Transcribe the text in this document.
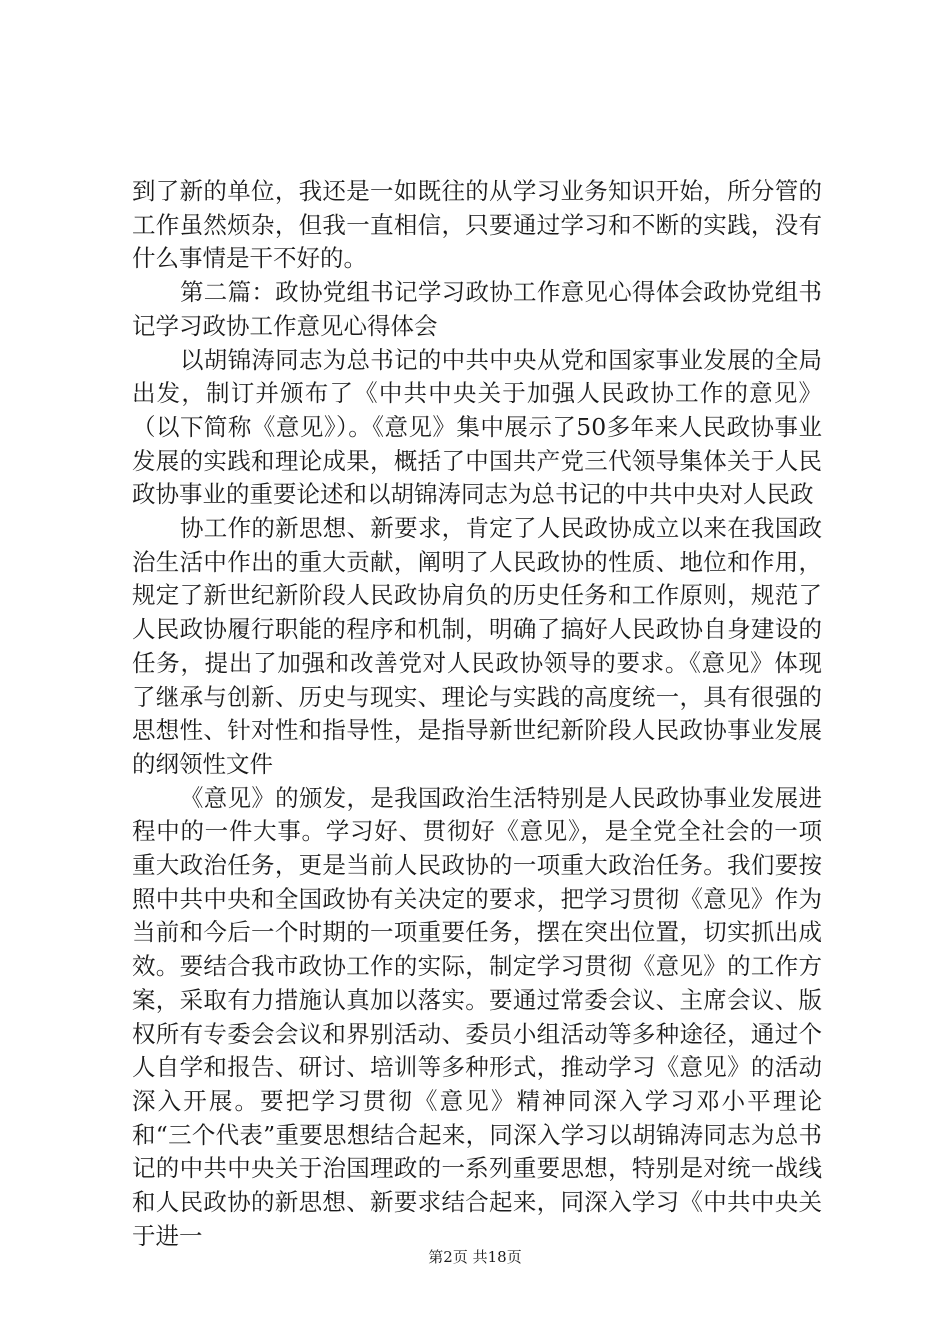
到了新的单位，我还是一如既往的从学习业务知识开始，所分管的工作虽然烦杂，但我一直相信，只要通过学习和不断的实践，没有什么事情是干不好的。

第二篇：政协党组书记学习政协工作意见心得体会政协党组书记学习政协工作意见心得体会

以胡锦涛同志为总书记的中共中央从党和国家事业发展的全局出发，制订并颁布了《中共中央关于加强人民政协工作的意见》（以下简称《意见》）。《意见》集中展示了50多年来人民政协事业发展的实践和理论成果，概括了中国共产党三代领导集体关于人民政协事业的重要论述和以胡锦涛同志为总书记的中共中央对人民政

协工作的新思想、新要求，肯定了人民政协成立以来在我国政治生活中作出的重大贡献，阐明了人民政协的性质、地位和作用，规定了新世纪新阶段人民政协肩负的历史任务和工作原则，规范了人民政协履行职能的程序和机制，明确了搞好人民政协自身建设的任务，提出了加强和改善党对人民政协领导的要求。《意见》体现了继承与创新、历史与现实、理论与实践的高度统一，具有很强的思想性、针对性和指导性，是指导新世纪新阶段人民政协事业发展的纲领性文件

《意见》的颁发，是我国政治生活特别是人民政协事业发展进程中的一件大事。学习好、贯彻好《意见》，是全党全社会的一项重大政治任务，更是当前人民政协的一项重大政治任务。我们要按照中共中央和全国政协有关决定的要求，把学习贯彻《意见》作为当前和今后一个时期的一项重要任务，摆在突出位置，切实抓出成效。要结合我市政协工作的实际，制定学习贯彻《意见》的工作方案，采取有力措施认真加以落实。要通过常委会议、主席会议、版权所有专委会会议和界别活动、委员小组活动等多种途径，通过个人自学和报告、研讨、培训等多种形式，推动学习《意见》的活动深入开展。要把学习贯彻《意见》精神同深入学习邓小平理论和“三个代表”重要思想结合起来，同深入学习以胡锦涛同志为总书记的中共中央关于治国理政的一系列重要思想，特别是对统一战线和人民政协的新思想、新要求结合起来，同深入学习《中共中央关于进一

第2页 共18页
